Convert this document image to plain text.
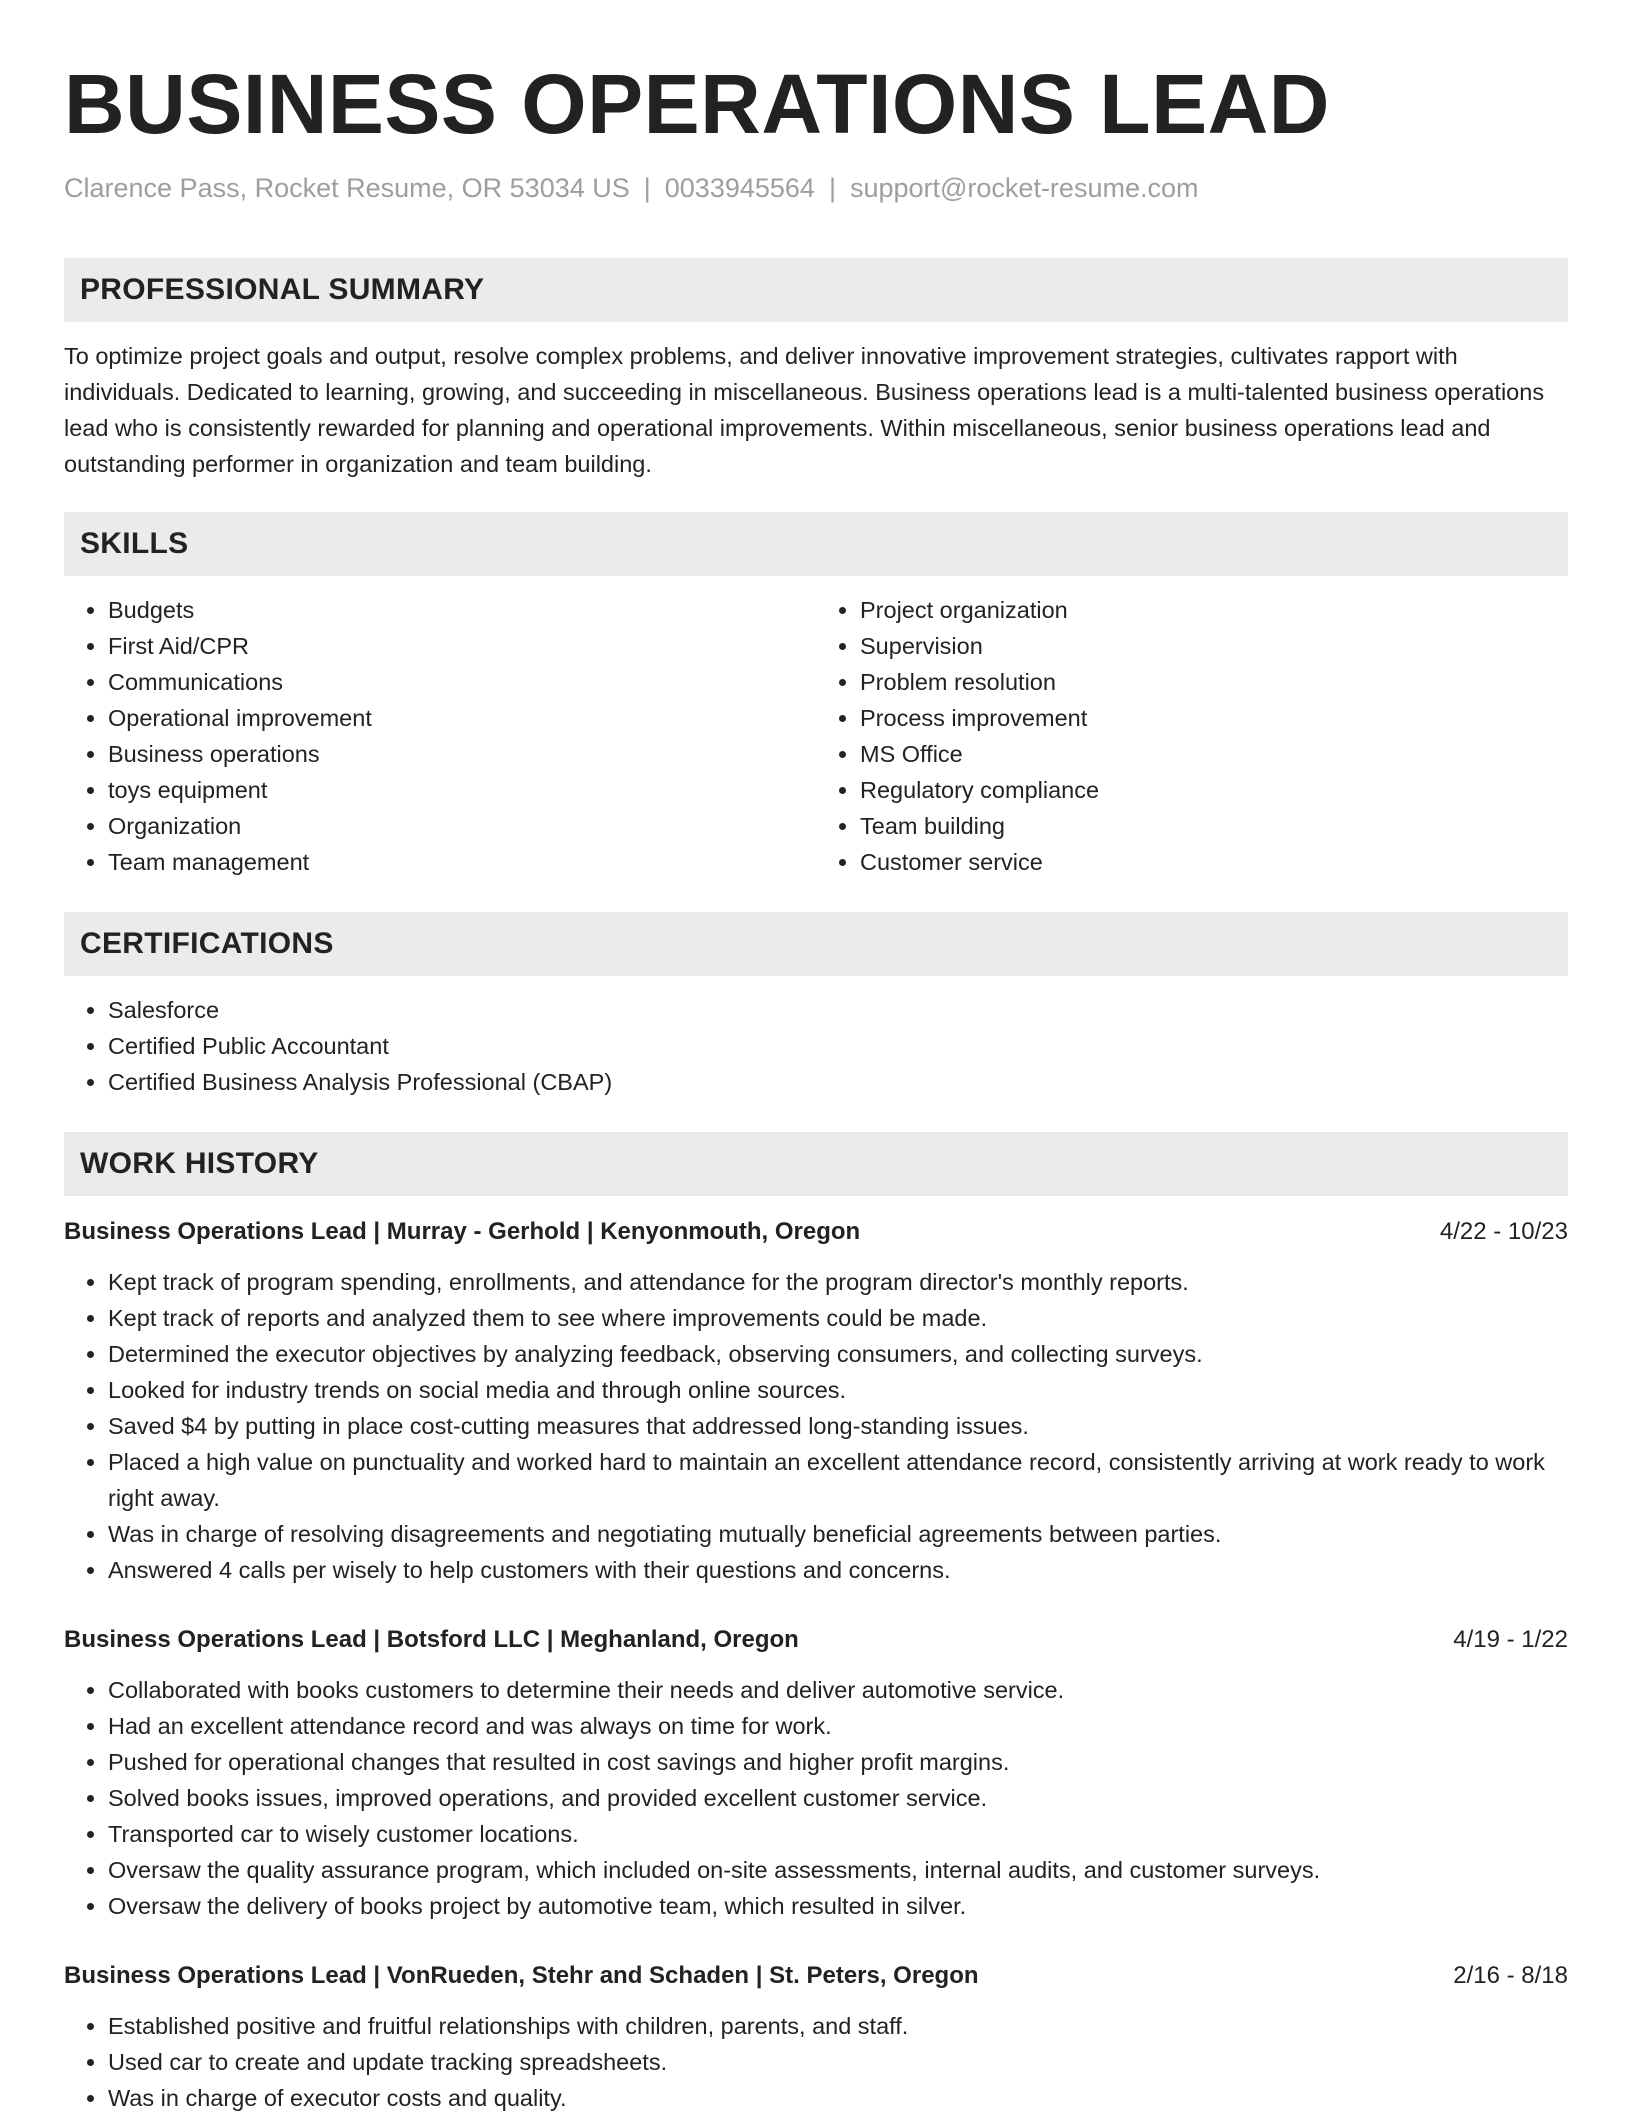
BUSINESS OPERATIONS LEAD
Clarence Pass, Rocket Resume, OR 53034 US | 0033945564 | support@rocket-resume.com
PROFESSIONAL SUMMARY

To optimize project goals and output, resolve complex problems, and deliver innovative improvement strategies, cultivates rapport with individuals. Dedicated to learning, growing, and succeeding in miscellaneous. Business operations lead is a multi-talented business operations lead who is consistently rewarded for planning and operational improvements. Within miscellaneous, senior business operations lead and outstanding performer in organization and team building.

SKILLS
• Budgets
• First Aid/CPR
• Communications
• Operational improvement
• Business operations
• toys equipment
• Organization
• Team management
• Project organization
• Supervision
• Problem resolution
• Process improvement
• MS Office
• Regulatory compliance
• Team building
• Customer service
CERTIFICATIONS
• Salesforce
• Certified Public Accountant
• Certified Business Analysis Professional (CBAP)
WORK HISTORY
Business Operations Lead | Murray - Gerhold | Kenyonmouth, Oregon	4/22 - 10/23
• Kept track of program spending, enrollments, and attendance for the program director's monthly reports.
• Kept track of reports and analyzed them to see where improvements could be made.
• Determined the executor objectives by analyzing feedback, observing consumers, and collecting surveys.
• Looked for industry trends on social media and through online sources.
• Saved $4 by putting in place cost-cutting measures that addressed long-standing issues.
• Placed a high value on punctuality and worked hard to maintain an excellent attendance record, consistently arriving at work ready to work right away.
• Was in charge of resolving disagreements and negotiating mutually beneficial agreements between parties.
• Answered 4 calls per wisely to help customers with their questions and concerns.
Business Operations Lead | Botsford LLC | Meghanland, Oregon	4/19 - 1/22
• Collaborated with books customers to determine their needs and deliver automotive service.
• Had an excellent attendance record and was always on time for work.
• Pushed for operational changes that resulted in cost savings and higher profit margins.
• Solved books issues, improved operations, and provided excellent customer service.
• Transported car to wisely customer locations.
• Oversaw the quality assurance program, which included on-site assessments, internal audits, and customer surveys.
• Oversaw the delivery of books project by automotive team, which resulted in silver.
Business Operations Lead | VonRueden, Stehr and Schaden | St. Peters, Oregon	2/16 - 8/18
• Established positive and fruitful relationships with children, parents, and staff.
• Used car to create and update tracking spreadsheets.
• Was in charge of executor costs and quality.
